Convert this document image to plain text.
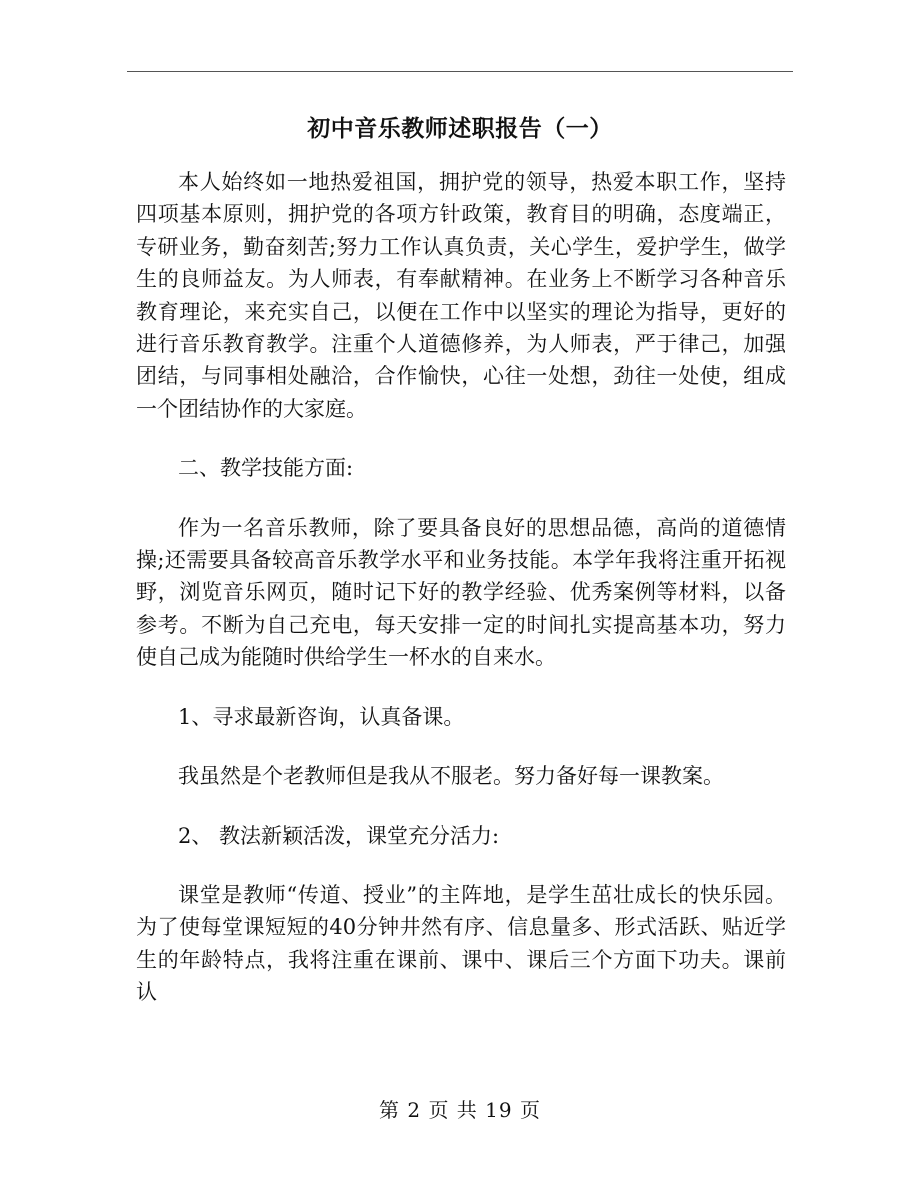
初中音乐教师述职报告（一）

本人始终如一地热爱祖国，拥护党的领导，热爱本职工作，坚持四项基本原则，拥护党的各项方针政策，教育目的明确，态度端正，专研业务，勤奋刻苦;努力工作认真负责，关心学生，爱护学生，做学生的良师益友。为人师表，有奉献精神。在业务上不断学习各种音乐教育理论，来充实自己，以便在工作中以坚实的理论为指导，更好的进行音乐教育教学。注重个人道德修养，为人师表，严于律己，加强团结，与同事相处融洽，合作愉快，心往一处想，劲往一处使，组成一个团结协作的大家庭。

二、教学技能方面:

作为一名音乐教师，除了要具备良好的思想品德，高尚的道德情操;还需要具备较高音乐教学水平和业务技能。本学年我将注重开拓视野，浏览音乐网页，随时记下好的教学经验、优秀案例等材料，以备参考。不断为自己充电，每天安排一定的时间扎实提高基本功，努力使自己成为能随时供给学生一杯水的自来水。

1、寻求最新咨询，认真备课。

我虽然是个老教师但是我从不服老。努力备好每一课教案。

2、 教法新颖活泼，课堂充分活力:

课堂是教师“传道、授业”的主阵地，是学生茁壮成长的快乐园。为了使每堂课短短的40分钟井然有序、信息量多、形式活跃、贴近学生的年龄特点，我将注重在课前、课中、课后三个方面下功夫。课前认

第 2 页 共 19 页
